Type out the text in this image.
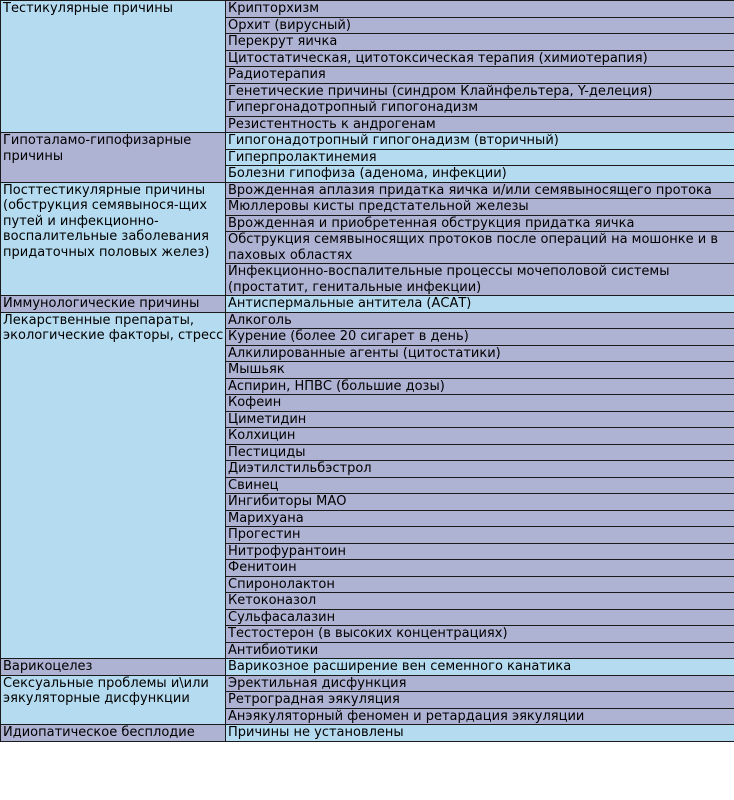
Тестикулярные причины	Крипторхизм
	Орхит (вирусный)
	Перекрут яичка
	Цитостатическая, цитотоксическая терапия (химиотерапия)
	Радиотерапия
	Генетические причины (синдром Клайнфельтера, Y-делеция)
	Гипергонадотропный гипогонадизм
	Резистентность к андрогенам
Гипоталамо-гипофизарные причины	Гипогонадотропный гипогонадизм (вторичный)
	Гиперпролактинемия
	Болезни гипофиза (аденома, инфекции)
Посттестикулярные причины (обструкция семявынося-щих путей и инфекционно-воспалительные заболевания придаточных половых желез)	Врожденная аплазия придатка яичка и/или семявыносящего протока
	Мюллеровы кисты предстательной железы
	Врожденная и приобретенная обструкция придатка яичка
	Обструкция семявыносящих протоков после операций на мошонке и в паховых областях
	Инфекционно-воспалительные процессы мочеполовой системы (простатит, генитальные инфекции)
Иммунологические причины	Антиспермальные антитела (АСАТ)
Лекарственные препараты, экологические факторы, стресс	Алкоголь
	Курение (более 20 сигарет в день)
	Алкилированные агенты (цитостатики)
	Мышьяк
	Аспирин, НПВС (большие дозы)
	Кофеин
	Циметидин
	Колхицин
	Пестициды
	Диэтилстильбэстрол
	Свинец
	Ингибиторы МАО
	Марихуана
	Прогестин
	Нитрофурантоин
	Фенитоин
	Спиронолактон
	Кетоконазол
	Сульфасалазин
	Тестостерон (в высоких концентрациях)
	Антибиотики
Варикоцелез	Варикозное расширение вен семенного канатика
Сексуальные проблемы и\или эякуляторные дисфункции	Эректильная дисфункция
	Ретроградная эякуляция
	Анэякуляторный феномен и ретардация эякуляции
Идиопатическое бесплодие	Причины не установлены
